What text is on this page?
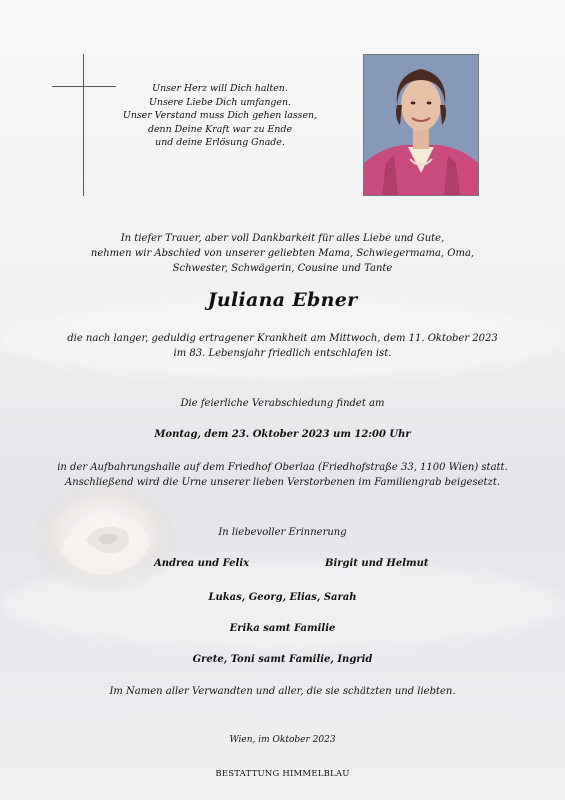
Unser Herz will Dich halten.
Unsere Liebe Dich umfangen.
Unser Verstand muss Dich gehen lassen,
denn Deine Kraft war zu Ende
und deine Erlösung Gnade.
In tiefer Trauer, aber voll Dankbarkeit für alles Liebe und Gute,
nehmen wir Abschied von unserer geliebten Mama, Schwiegermama, Oma,
Schwester, Schwägerin, Cousine und Tante
Juliana Ebner
die nach langer, geduldig ertragener Krankheit am Mittwoch, dem 11. Oktober 2023
im 83. Lebensjahr friedlich entschlafen ist.
Die feierliche Verabschiedung findet am
Montag, dem 23. Oktober 2023 um 12:00 Uhr
in der Aufbahrungshalle auf dem Friedhof Oberlaa (Friedhofstraße 33, 1100 Wien) statt.
Anschließend wird die Urne unserer lieben Verstorbenen im Familiengrab beigesetzt.
In liebevoller Erinnerung
Andrea und Felix	Birgit und Helmut
Lukas, Georg, Elias, Sarah
Erika samt Familie
Grete, Toni samt Familie, Ingrid
Im Namen aller Verwandten und aller, die sie schätzten und liebten.
Wien, im Oktober 2023
BESTATTUNG HIMMELBLAU
